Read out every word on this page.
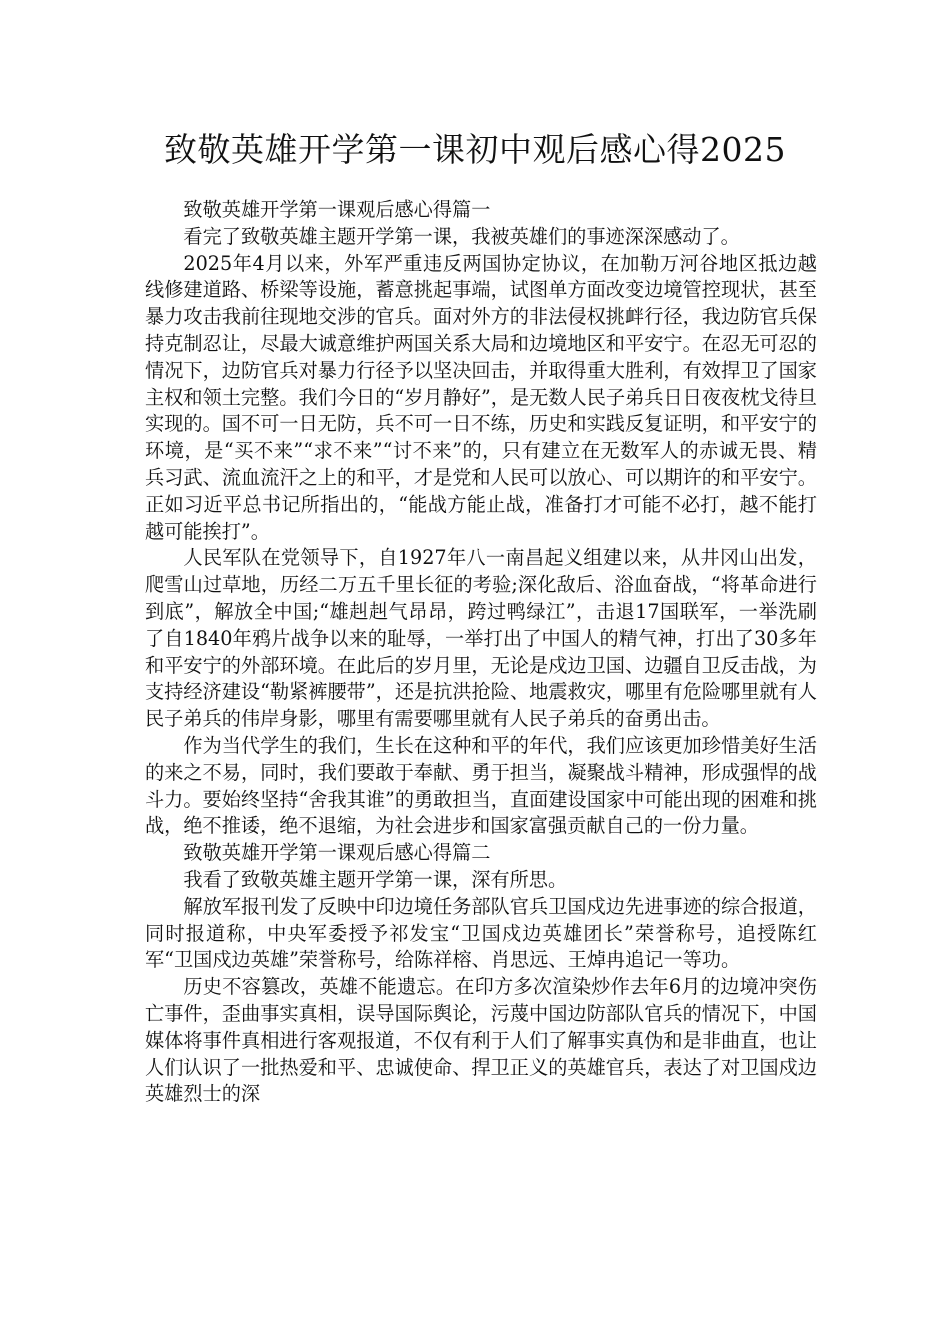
致敬英雄开学第一课初中观后感心得2025

致敬英雄开学第一课观后感心得篇一

看完了致敬英雄主题开学第一课，我被英雄们的事迹深深感动了。

2025年4月以来，外军严重违反两国协定协议，在加勒万河谷地区抵边越线修建道路、桥梁等设施，蓄意挑起事端，试图单方面改变边境管控现状，甚至暴力攻击我前往现地交涉的官兵。面对外方的非法侵权挑衅行径，我边防官兵保持克制忍让，尽最大诚意维护两国关系大局和边境地区和平安宁。在忍无可忍的情况下，边防官兵对暴力行径予以坚决回击，并取得重大胜利，有效捍卫了国家主权和领土完整。我们今日的“岁月静好”，是无数人民子弟兵日日夜夜枕戈待旦实现的。国不可一日无防，兵不可一日不练，历史和实践反复证明，和平安宁的环境，是“买不来”“求不来”“讨不来”的，只有建立在无数军人的赤诚无畏、精兵习武、流血流汗之上的和平，才是党和人民可以放心、可以期许的和平安宁。正如习近平总书记所指出的，“能战方能止战，准备打才可能不必打，越不能打越可能挨打”。

人民军队在党领导下，自1927年八一南昌起义组建以来，从井冈山出发，爬雪山过草地，历经二万五千里长征的考验;深化敌后、浴血奋战，“将革命进行到底”，解放全中国;“雄赳赳气昂昂，跨过鸭绿江”，击退17国联军，一举洗刷了自1840年鸦片战争以来的耻辱，一举打出了中国人的精气神，打出了30多年和平安宁的外部环境。在此后的岁月里，无论是戍边卫国、边疆自卫反击战，为支持经济建设“勒紧裤腰带”，还是抗洪抢险、地震救灾，哪里有危险哪里就有人民子弟兵的伟岸身影，哪里有需要哪里就有人民子弟兵的奋勇出击。

作为当代学生的我们，生长在这种和平的年代，我们应该更加珍惜美好生活的来之不易，同时，我们要敢于奉献、勇于担当，凝聚战斗精神，形成强悍的战斗力。要始终坚持“舍我其谁”的勇敢担当，直面建设国家中可能出现的困难和挑战，绝不推诿，绝不退缩，为社会进步和国家富强贡献自己的一份力量。

致敬英雄开学第一课观后感心得篇二

我看了致敬英雄主题开学第一课，深有所思。

解放军报刊发了反映中印边境任务部队官兵卫国戍边先进事迹的综合报道，同时报道称，中央军委授予祁发宝“卫国戍边英雄团长”荣誉称号，追授陈红军“卫国戍边英雄”荣誉称号，给陈祥榕、肖思远、王焯冉追记一等功。

历史不容篡改，英雄不能遗忘。在印方多次渲染炒作去年6月的边境冲突伤亡事件，歪曲事实真相，误导国际舆论，污蔑中国边防部队官兵的情况下，中国媒体将事件真相进行客观报道，不仅有利于人们了解事实真伪和是非曲直，也让人们认识了一批热爱和平、忠诚使命、捍卫正义的英雄官兵，表达了对卫国戍边英雄烈士的深
